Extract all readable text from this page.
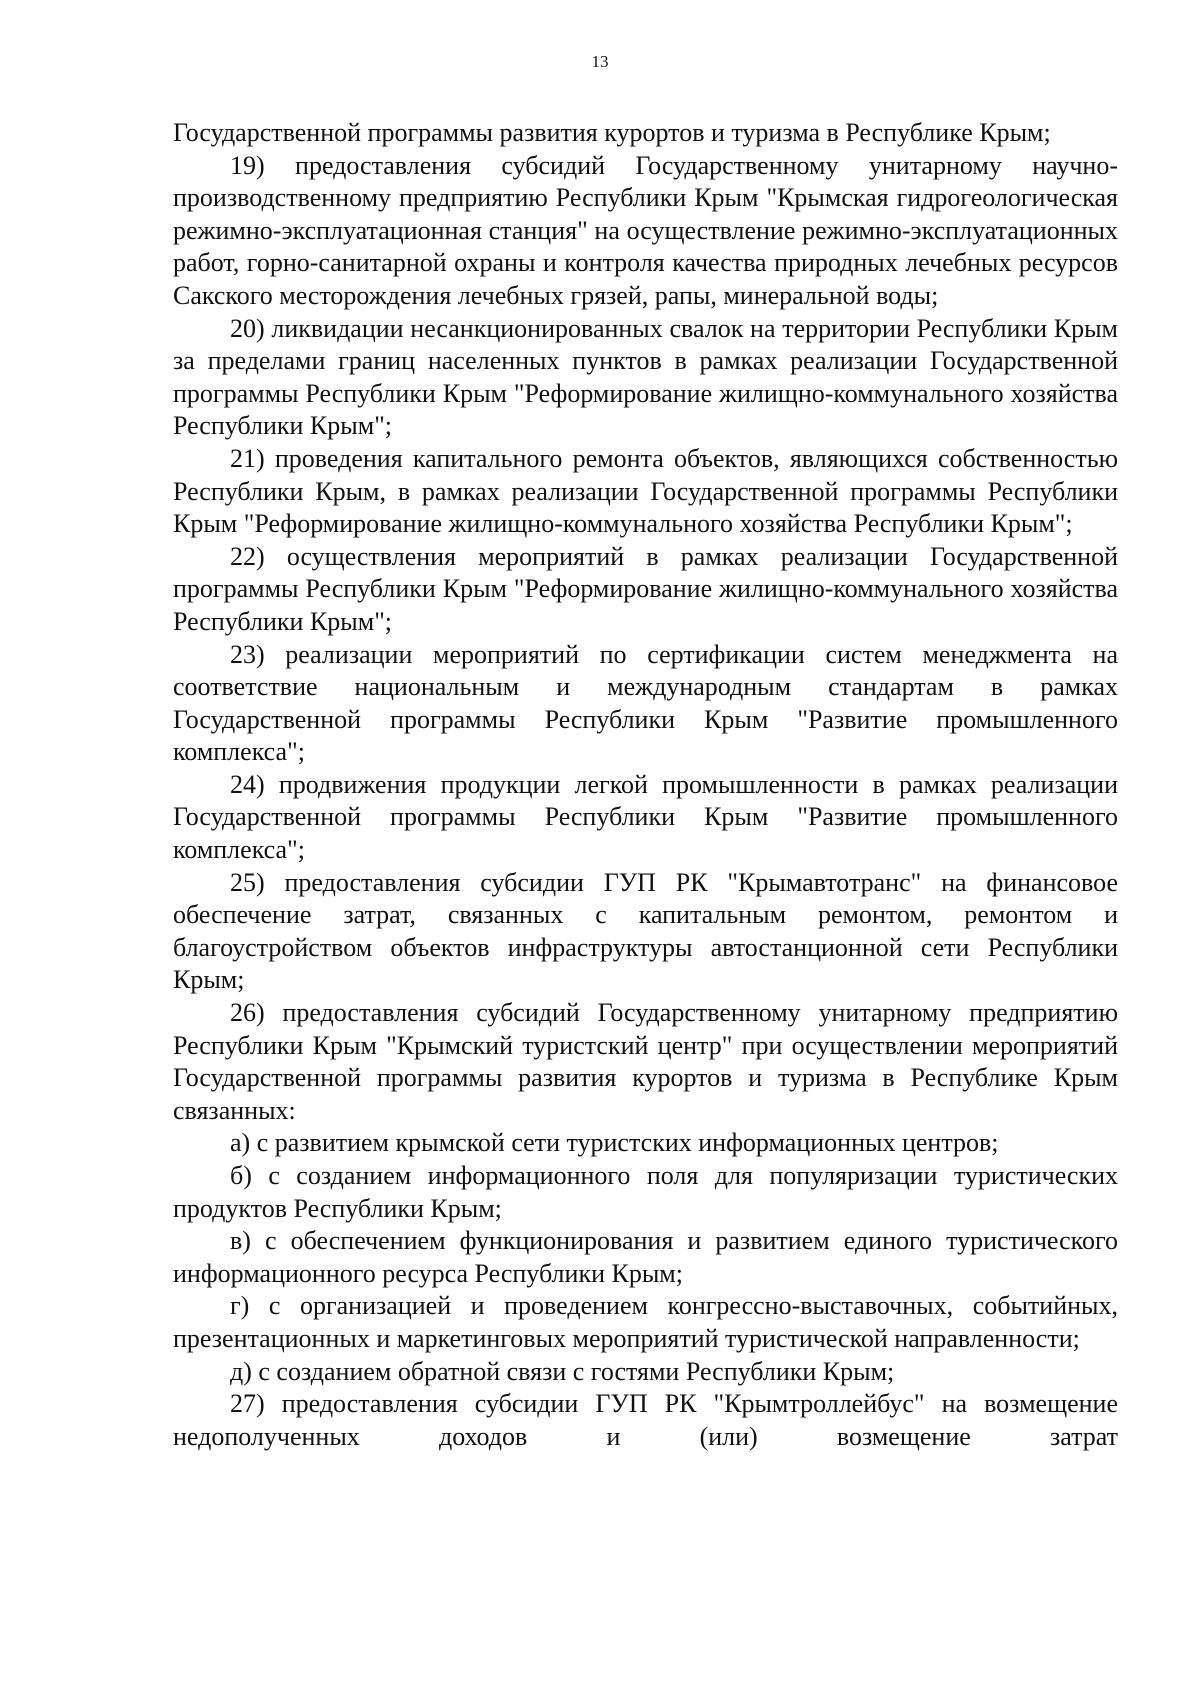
13

Государственной программы развития курортов и туризма в Республике Крым;

19) предоставления субсидий Государственному унитарному научно-производственному предприятию Республики Крым "Крымская гидрогеологическая режимно-эксплуатационная станция" на осуществление режимно-эксплуатационных работ, горно-санитарной охраны и контроля качества природных лечебных ресурсов Сакского месторождения лечебных грязей, рапы, минеральной воды;

20) ликвидации несанкционированных свалок на территории Республики Крым за пределами границ населенных пунктов в рамках реализации Государственной программы Республики Крым "Реформирование жилищно-коммунального хозяйства Республики Крым";

21) проведения капитального ремонта объектов, являющихся собственностью Республики Крым, в рамках реализации Государственной программы Республики Крым "Реформирование жилищно-коммунального хозяйства Республики Крым";

22) осуществления мероприятий в рамках реализации Государственной программы Республики Крым "Реформирование жилищно-коммунального хозяйства Республики Крым";

23) реализации мероприятий по сертификации систем менеджмента на соответствие национальным и международным стандартам в рамках Государственной программы Республики Крым "Развитие промышленного комплекса";

24) продвижения продукции легкой промышленности в рамках реализации Государственной программы Республики Крым "Развитие промышленного комплекса";

25) предоставления субсидии ГУП РК "Крымавтотранс" на финансовое обеспечение затрат, связанных с капитальным ремонтом, ремонтом и благоустройством объектов инфраструктуры автостанционной сети Республики Крым;

26) предоставления субсидий Государственному унитарному предприятию Республики Крым "Крымский туристский центр" при осуществлении мероприятий Государственной программы развития курортов и туризма в Республике Крым связанных:

а) с развитием крымской сети туристских информационных центров;

б) с созданием информационного поля для популяризации туристических продуктов Республики Крым;

в) с обеспечением функционирования и развитием единого туристического информационного ресурса Республики Крым;

г) с организацией и проведением конгрессно-выставочных, событийных, презентационных и маркетинговых мероприятий туристической направленности;

д) с созданием обратной связи с гостями Республики Крым;

27) предоставления субсидии ГУП РК "Крымтроллейбус" на возмещение недополученных доходов и (или) возмещение затрат
